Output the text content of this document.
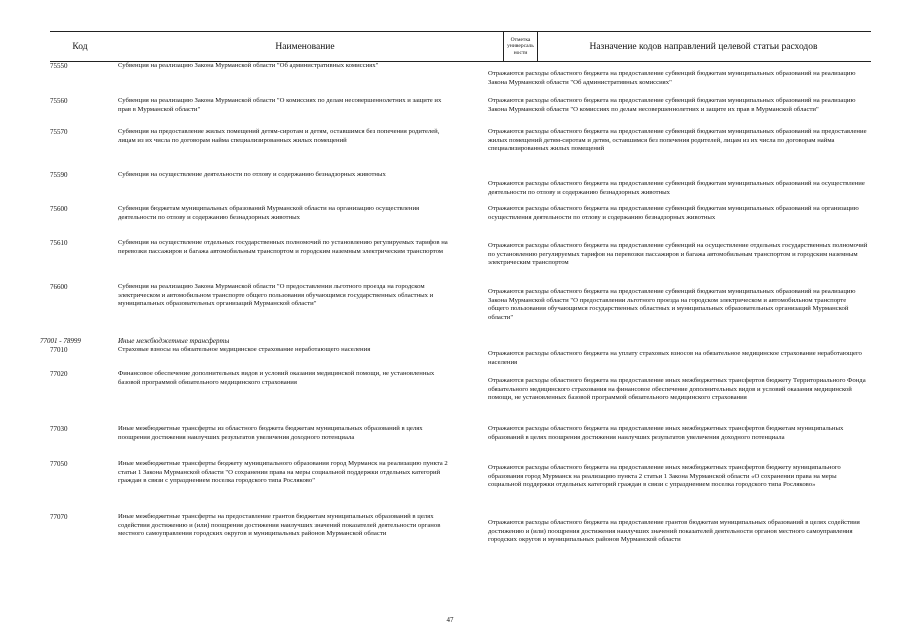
Код	Наименование
Отметка универсаль ности
Назначение кодов направлений целевой статьи расходов
75550	Субвенция на реализацию Закона Мурманской области "Об административных комиссиях"
Отражаются расходы областного бюджета на предоставление субвенций бюджетам муниципальных образований на реализацию Закона Мурманской области "Об административных комиссиях"
75560	Субвенция на реализацию Закона Мурманской области "О комиссиях по делам несовершеннолетних и защите их прав в Мурманской области"
Отражаются расходы областного бюджета на предоставление субвенций бюджетам муниципальных образований на реализацию Закона Мурманской области "О комиссиях по делам несовершеннолетних и защите их прав в Мурманской области"
75570	Субвенция на предоставление жилых помещений детям-сиротам и детям, оставшимся без попечения родителей, лицам из их числа по договорам найма специализированных жилых помещений
Отражаются расходы областного бюджета на предоставление субвенций бюджетам муниципальных образований на предоставление жилых помещений детям-сиротам и детям, оставшимся без попечения родителей, лицам из их числа по договорам найма специализированных жилых помещений
75590	Субвенция на осуществление деятельности по отлову и содержанию безнадзорных животных
Отражаются расходы областного бюджета на предоставление субвенций бюджетам муниципальных образований на осуществление деятельности по отлову и содержанию безнадзорных животных
75600	Субвенция бюджетам муниципальных образований Мурманской области на организацию осуществления деятельности по отлову и содержанию безнадзорных животных
Отражаются расходы областного бюджета на предоставление субвенций бюджетам муниципальных образований на организацию осуществления деятельности по отлову и содержанию безнадзорных животных
75610	Субвенция на осуществление отдельных государственных полномочий по установлению регулируемых тарифов на перевозки пассажиров и багажа автомобильным транспортом и городским наземным электрическим транспортом
Отражаются расходы областного бюджета на предоставление субвенций на осуществление отдельных государственных полномочий по установлению регулируемых тарифов на перевозки пассажиров и багажа автомобильным транспортом и городским наземным электрическим транспортом
76600	Субвенция на реализацию Закона Мурманской области "О предоставлении льготного проезда на городском электрическом и автомобильном транспорте общего пользования обучающимся государственных областных и муниципальных образовательных организаций Мурманской области"
Отражаются расходы областного бюджета на предоставление субвенций бюджетам муниципальных образований на реализацию Закона Мурманской области "О предоставлении льготного проезда на городском электрическом и автомобильном транспорте общего пользования обучающимся государственных областных и муниципальных образовательных организаций Мурманской области"
77001 - 78999	Иные межбюджетные трансферты
77010	Страховые взносы на обязательное медицинское страхование неработающего населения
Отражаются расходы областного бюджета на уплату страховых взносов на обязательное медицинское страхование неработающего населения
77020	Финансовое обеспечение дополнительных видов и условий оказания медицинской помощи, не установленных базовой программой обязательного медицинского страхования	Отражаются расходы областного бюджета на предоставление иных межбюджетных трансфертов бюджету Территориального Фонда обязательного медицинского страхования на финансовое обеспечение дополнительных видов и условий оказания медицинской помощи, не установленных базовой программой обязательного медицинского страхования
77030	Иные межбюджетные трансферты из областного бюджета бюджетам муниципальных образований в целях поощрения достижения наилучших результатов увеличения доходного потенциала
Отражаются расходы областного бюджета на предоставление иных межбюджетных трансфертов бюджетам муниципальных образований в целях поощрения достижения наилучших результатов увеличения доходного потенциала
77050	Иные межбюджетные трансферты бюджету муниципального образования город Мурманск на реализацию пункта 2 статьи 1 Закона Мурманской области "О сохранении права на меры социальной поддержки отдельных категорий граждан в связи с упразднением поселка городского типа Росляково"
Отражаются расходы областного бюджета на предоставление иных межбюджетных трансфертов бюджету муниципального образования город Мурманск на реализацию пункта 2 статьи 1 Закона Мурманской области «О сохранении права на меры социальной поддержки отдельных категорий граждан в связи с упразднением поселка городского типа Росляково»
77070	Иные межбюджетные трансферты на предоставление грантов бюджетам муниципальных образований в целях содействия достижению и (или) поощрения достижения наилучших значений показателей деятельности органов местного самоуправления городских округов и муниципальных районов Мурманской области
Отражаются расходы областного бюджета на предоставление грантов бюджетам муниципальных образований в целях содействия достижению и (или) поощрения достижения наилучших значений показателей деятельности органов местного самоуправления городских округов и муниципальных районов Мурманской области
47
